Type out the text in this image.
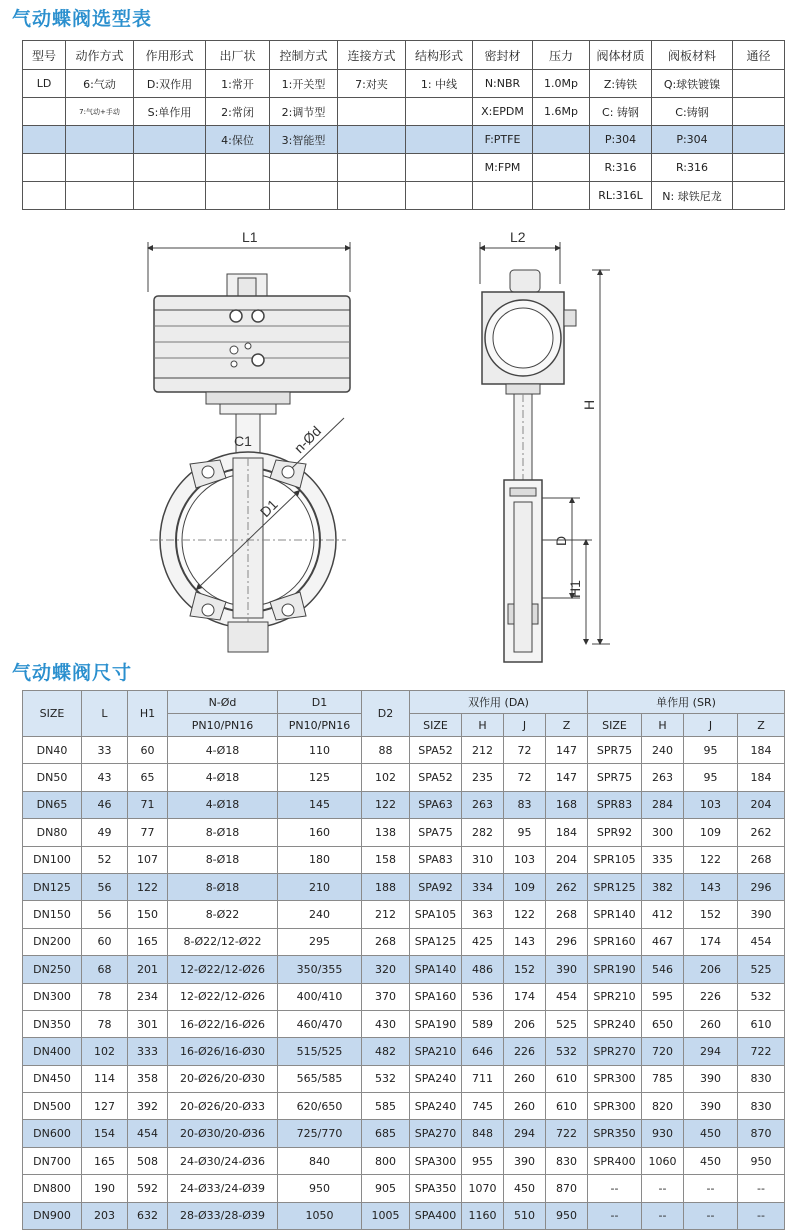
气动蝶阀选型表
型号	动作方式	作用形式	出厂状	控制方式	连接方式	结构形式	密封材	压力	阀体材质	阀板材料	通径
LD	6:气动	D:双作用	1:常开	1:开关型	7:对夹	1: 中线	N:NBR	1.0Mp	Z:铸铁	Q:球铁镀镍	
	7:气动+手动	S:单作用	2:常闭	2:调节型			X:EPDM	1.6Mp	C: 铸钢	C:铸钢	
			4:保位	3:智能型			F:PTFE		P:304	P:304	
							M:FPM		R:316	R:316	
									RL:316L	N: 球铁尼龙	
L1	L2
C1	n-Ød
D1
H
D
H1
气动蝶阀尺寸
SIZE	L	H1	N-Ød	D1	D2	双作用 (DA)				单作用 (SR)			
			PN10/PN16	PN10/PN16		SIZE	H	J	Z	SIZE	H	J	Z
DN40	33	60	4-Ø18	110	88	SPA52	212	72	147	SPR75	240	95	184
DN50	43	65	4-Ø18	125	102	SPA52	235	72	147	SPR75	263	95	184
DN65	46	71	4-Ø18	145	122	SPA63	263	83	168	SPR83	284	103	204
DN80	49	77	8-Ø18	160	138	SPA75	282	95	184	SPR92	300	109	262
DN100	52	107	8-Ø18	180	158	SPA83	310	103	204	SPR105	335	122	268
DN125	56	122	8-Ø18	210	188	SPA92	334	109	262	SPR125	382	143	296
DN150	56	150	8-Ø22	240	212	SPA105	363	122	268	SPR140	412	152	390
DN200	60	165	8-Ø22/12-Ø22	295	268	SPA125	425	143	296	SPR160	467	174	454
DN250	68	201	12-Ø22/12-Ø26	350/355	320	SPA140	486	152	390	SPR190	546	206	525
DN300	78	234	12-Ø22/12-Ø26	400/410	370	SPA160	536	174	454	SPR210	595	226	532
DN350	78	301	16-Ø22/16-Ø26	460/470	430	SPA190	589	206	525	SPR240	650	260	610
DN400	102	333	16-Ø26/16-Ø30	515/525	482	SPA210	646	226	532	SPR270	720	294	722
DN450	114	358	20-Ø26/20-Ø30	565/585	532	SPA240	711	260	610	SPR300	785	390	830
DN500	127	392	20-Ø26/20-Ø33	620/650	585	SPA240	745	260	610	SPR300	820	390	830
DN600	154	454	20-Ø30/20-Ø36	725/770	685	SPA270	848	294	722	SPR350	930	450	870
DN700	165	508	24-Ø30/24-Ø36	840	800	SPA300	955	390	830	SPR400	1060	450	950
DN800	190	592	24-Ø33/24-Ø39	950	905	SPA350	1070	450	870	--	--	--	--
DN900	203	632	28-Ø33/28-Ø39	1050	1005	SPA400	1160	510	950	--	--	--	--
